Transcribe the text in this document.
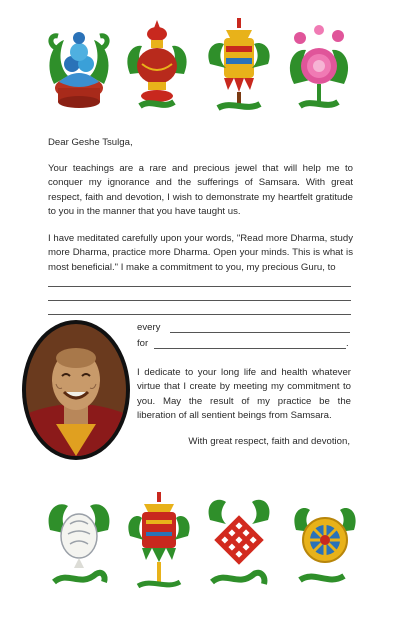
Dear Geshe Tsulga,
Your teachings are a rare and precious jewel that will help me to conquer my ignorance and the sufferings of Samsara. With great respect, faith and devotion, I wish to demonstrate my heartfelt gratitude to you in the manner that you have taught us.
I have meditated carefully upon your words, "Read more Dharma, study more Dharma, practice more Dharma. Open your minds. This is what is most beneficial." I make a commitment to you, my precious Guru, to
every
for	.
I dedicate to your long life and health whatever virtue that I create by meeting my commitment to you. May the result of my practice be the liberation of all sentient beings from Samsara.
With great respect, faith and devotion,
